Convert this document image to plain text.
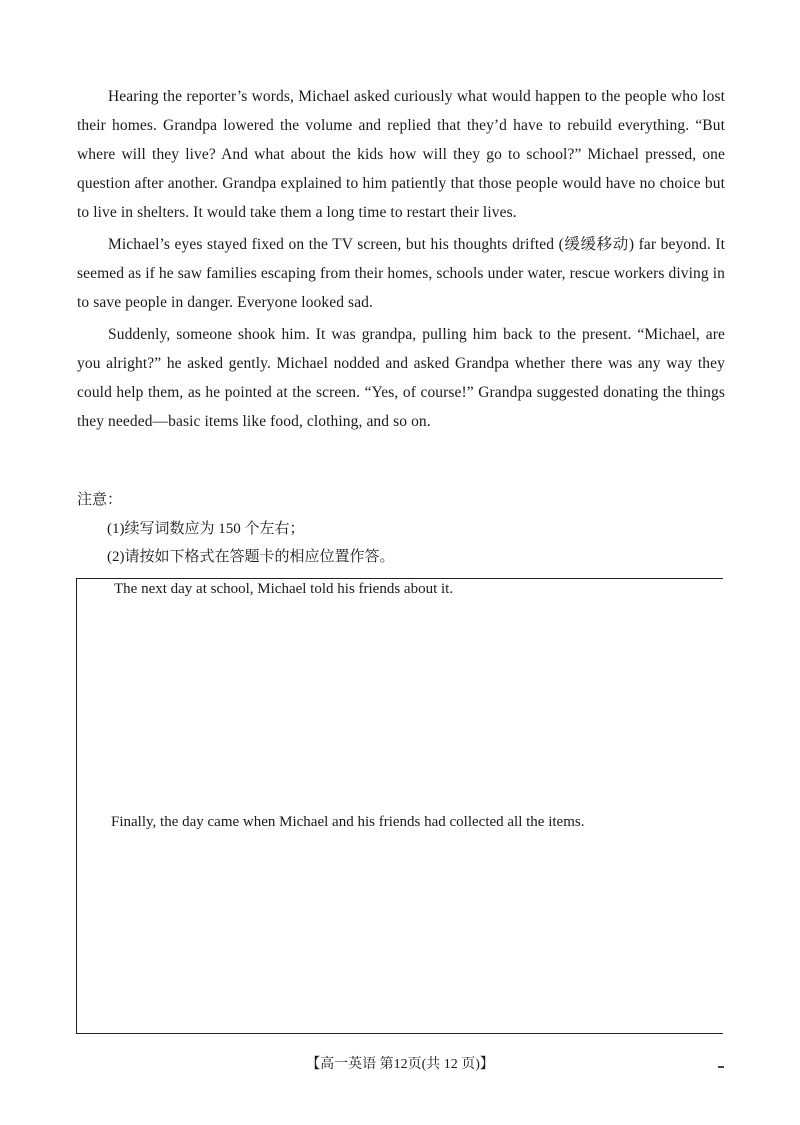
Hearing the reporter’s words, Michael asked curiously what would happen to the people who lost their homes. Grandpa lowered the volume and replied that they’d have to rebuild everything. “But where will they live? And what about the kids how will they go to school?” Michael pressed, one question after another. Grandpa explained to him patiently that those people would have no choice but to live in shelters. It would take them a long time to restart their lives.

Michael’s eyes stayed fixed on the TV screen, but his thoughts drifted (缓缓移动) far beyond. It seemed as if he saw families escaping from their homes, schools under water, rescue workers diving in to save people in danger. Everyone looked sad.

Suddenly, someone shook him. It was grandpa, pulling him back to the present. “Michael, are you alright?” he asked gently. Michael nodded and asked Grandpa whether there was any way they could help them, as he pointed at the screen. “Yes, of course!” Grandpa suggested donating the things they needed—basic items like food, clothing, and so on.

注意：

(1)续写词数应为 150 个左右；

(2)请按如下格式在答题卡的相应位置作答。

The next day at school, Michael told his friends about it.
Finally, the day came when Michael and his friends had collected all the items.
【高一英语 第12页(共 12 页)】
